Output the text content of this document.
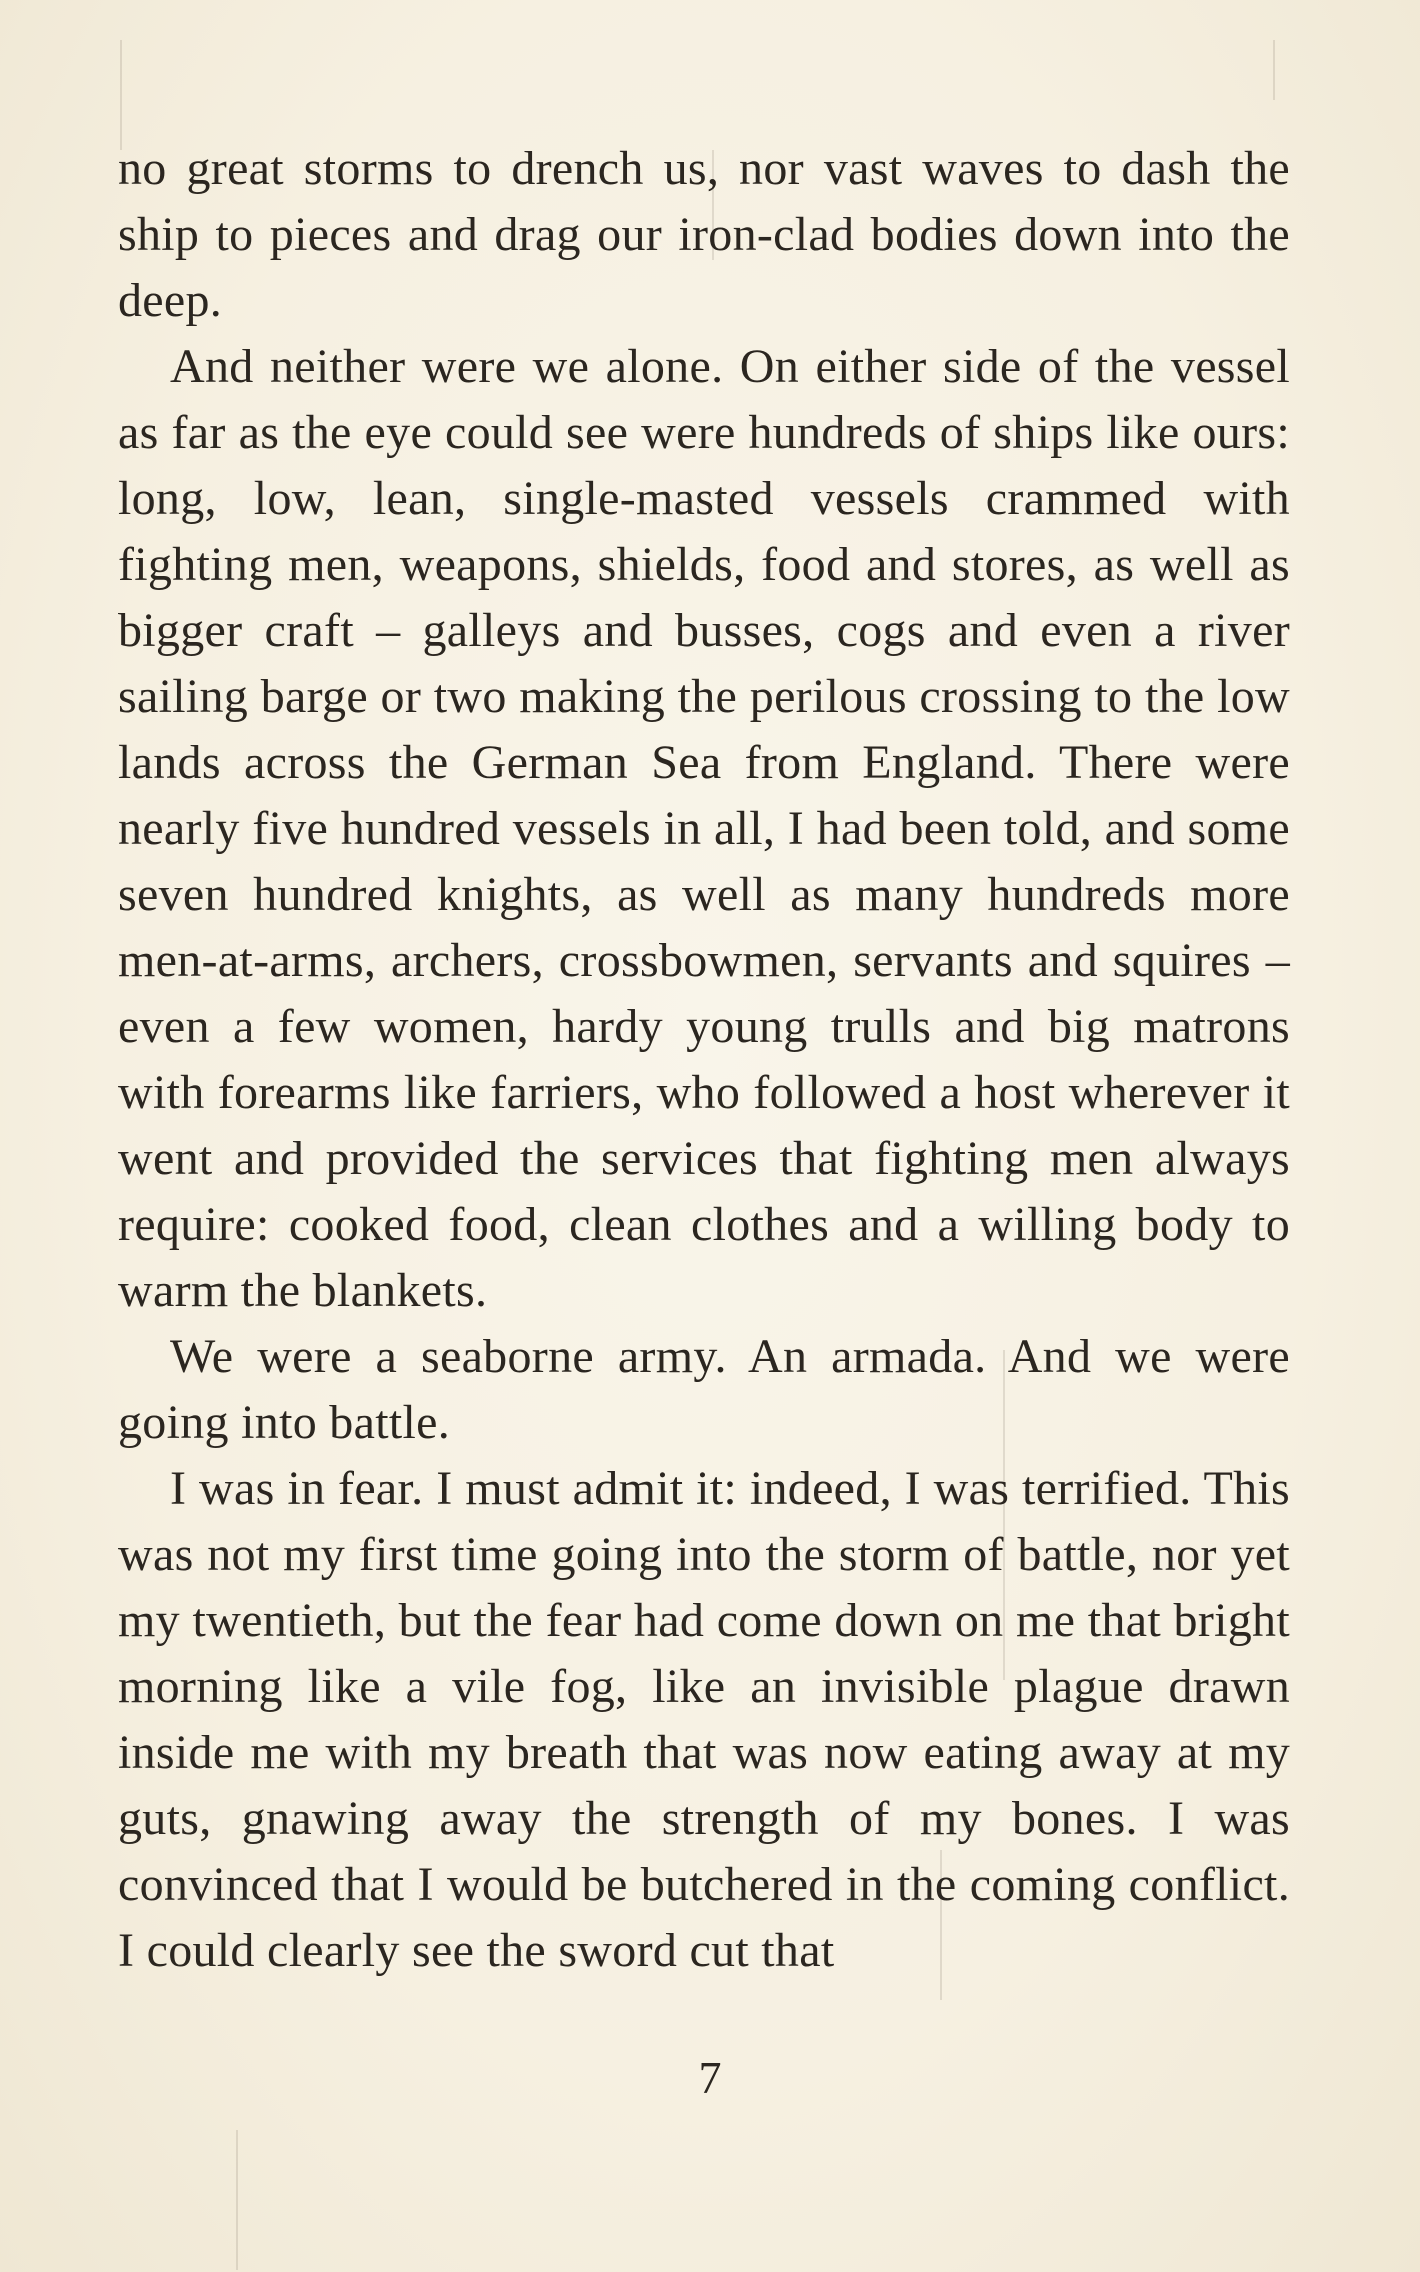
no great storms to drench us, nor vast waves to dash the ship to pieces and drag our iron-clad bodies down into the deep.

And neither were we alone. On either side of the vessel as far as the eye could see were hundreds of ships like ours: long, low, lean, single-masted vessels crammed with fighting men, weapons, shields, food and stores, as well as bigger craft – galleys and busses, cogs and even a river sailing barge or two making the perilous crossing to the low lands across the German Sea from England. There were nearly five hundred vessels in all, I had been told, and some seven hundred knights, as well as many hundreds more men-at-arms, archers, crossbowmen, servants and squires – even a few women, hardy young trulls and big matrons with forearms like farriers, who followed a host wherever it went and provided the services that fighting men always require: cooked food, clean clothes and a willing body to warm the blankets.

We were a seaborne army. An armada. And we were going into battle.

I was in fear. I must admit it: indeed, I was terrified. This was not my first time going into the storm of battle, nor yet my twentieth, but the fear had come down on me that bright morning like a vile fog, like an invisible plague drawn inside me with my breath that was now eating away at my guts, gnawing away the strength of my bones. I was convinced that I would be butchered in the coming conflict. I could clearly see the sword cut that

7
